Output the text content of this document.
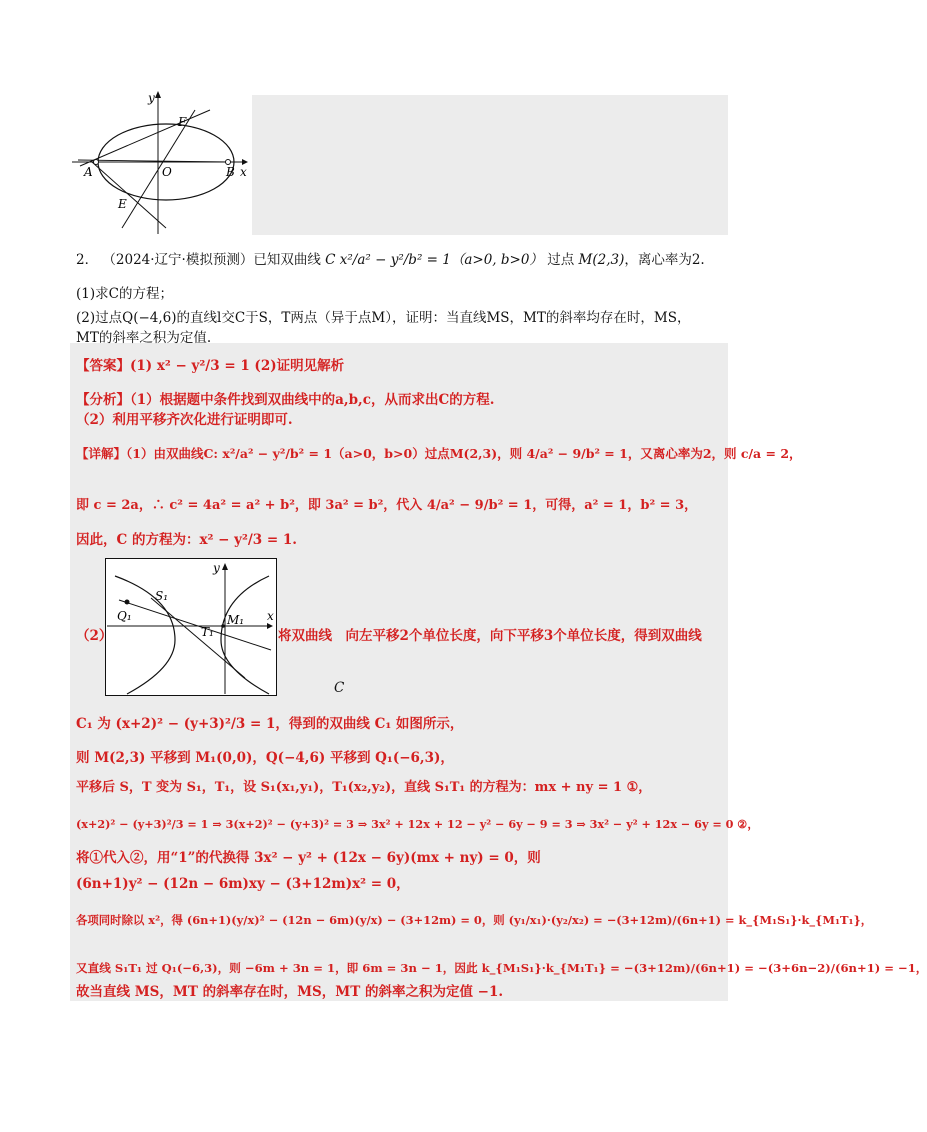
y
x
F
A	O	B
E
2． （2024·辽宁·模拟预测）已知双曲线 C x²/a² − y²/b² = 1（a>0, b>0） 过点 M(2,3)，离心率为2.
(1)求C的方程；
(2)过点Q(−4,6)的直线l交C于S，T两点（异于点M），证明：当直线MS，MT的斜率均存在时，MS，
MT的斜率之积为定值.
【答案】(1) x² − y²/3 = 1 (2)证明见解析
【分析】（1）根据题中条件找到双曲线中的a,b,c，从而求出C的方程.
（2）利用平移齐次化进行证明即可.
【详解】（1）由双曲线C: x²/a² − y²/b² = 1（a>0，b>0）过点M(2,3)，则 4/a² − 9/b² = 1，又离心率为2，则 c/a = 2，
即 c = 2a，∴ c² = 4a² = a² + b²，即 3a² = b²，代入 4/a² − 9/b² = 1，可得，a² = 1，b² = 3，
因此，C 的方程为：x² − y²/3 = 1.
y
x
Q₁
S₁
M₁
T₁
（2）	将双曲线　向左平移2个单位长度，向下平移3个单位长度，得到双曲线
C
C₁ 为 (x+2)² − (y+3)²/3 = 1，得到的双曲线 C₁ 如图所示，
则 M(2,3) 平移到 M₁(0,0)，Q(−4,6) 平移到 Q₁(−6,3)，
平移后 S，T 变为 S₁，T₁，设 S₁(x₁,y₁)，T₁(x₂,y₂)，直线 S₁T₁ 的方程为：mx + ny = 1 ①，
(x+2)² − (y+3)²/3 = 1 ⇒ 3(x+2)² − (y+3)² = 3 ⇒ 3x² + 12x + 12 − y² − 6y − 9 = 3 ⇒ 3x² − y² + 12x − 6y = 0 ②，
将①代入②，用“1”的代换得 3x² − y² + (12x − 6y)(mx + ny) = 0，则
(6n+1)y² − (12n − 6m)xy − (3+12m)x² = 0，
各项同时除以 x²，得 (6n+1)(y/x)² − (12n − 6m)(y/x) − (3+12m) = 0，则 (y₁/x₁)·(y₂/x₂) = −(3+12m)/(6n+1) = k_{M₁S₁}·k_{M₁T₁}，
又直线 S₁T₁ 过 Q₁(−6,3)，则 −6m + 3n = 1，即 6m = 3n − 1，因此 k_{M₁S₁}·k_{M₁T₁} = −(3+12m)/(6n+1) = −(3+6n−2)/(6n+1) = −1，
故当直线 MS，MT 的斜率存在时，MS，MT 的斜率之积为定值 −1.
